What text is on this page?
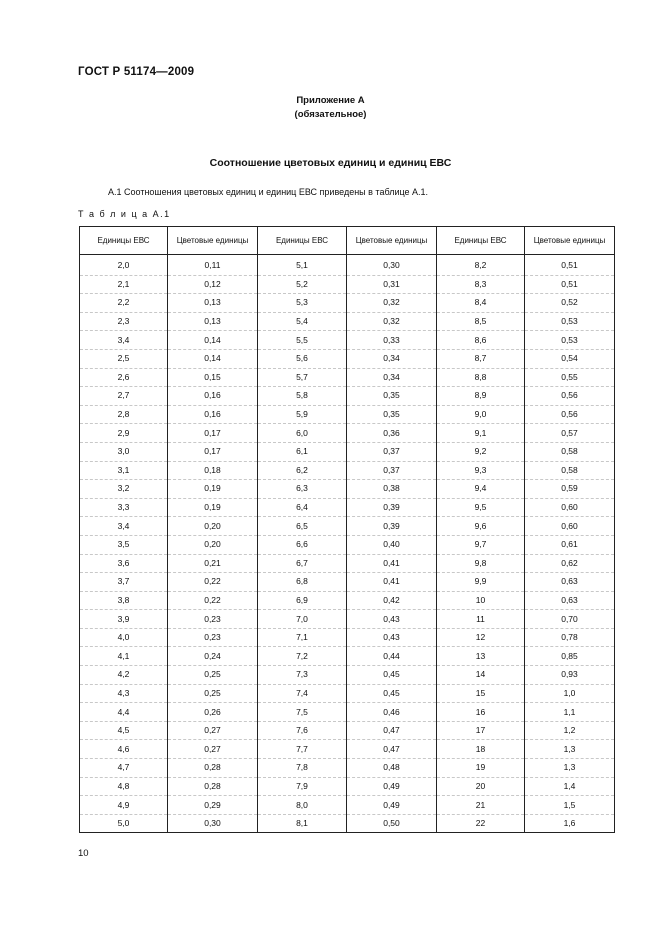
ГОСТ Р 51174—2009
Приложение А
(обязательное)
Соотношение цветовых единиц и единиц ЕВС
А.1 Соотношения цветовых единиц и единиц ЕВС приведены в таблице А.1.
Т а б л и ц а А.1
Единицы ЕВС	Цветовые единицы	Единицы ЕВС	Цветовые единицы	Единицы ЕВС	Цветовые единицы

2,0	0,11	5,1	0,30	8,2	0,51
2,1	0,12	5,2	0,31	8,3	0,51
2,2	0,13	5,3	0,32	8,4	0,52
2,3	0,13	5,4	0,32	8,5	0,53
3,4	0,14	5,5	0,33	8,6	0,53
2,5	0,14	5,6	0,34	8,7	0,54
2,6	0,15	5,7	0,34	8,8	0,55
2,7	0,16	5,8	0,35	8,9	0,56
2,8	0,16	5,9	0,35	9,0	0,56
2,9	0,17	6,0	0,36	9,1	0,57
3,0	0,17	6,1	0,37	9,2	0,58
3,1	0,18	6,2	0,37	9,3	0,58
3,2	0,19	6,3	0,38	9,4	0,59
3,3	0,19	6,4	0,39	9,5	0,60
3,4	0,20	6,5	0,39	9,6	0,60
3,5	0,20	6,6	0,40	9,7	0,61
3,6	0,21	6,7	0,41	9,8	0,62
3,7	0,22	6,8	0,41	9,9	0,63
3,8	0,22	6,9	0,42	10	0,63
3,9	0,23	7,0	0,43	11	0,70
4,0	0,23	7,1	0,43	12	0,78
4,1	0,24	7,2	0,44	13	0,85
4,2	0,25	7,3	0,45	14	0,93
4,3	0,25	7,4	0,45	15	1,0
4,4	0,26	7,5	0,46	16	1,1
4,5	0,27	7,6	0,47	17	1,2
4,6	0,27	7,7	0,47	18	1,3
4,7	0,28	7,8	0,48	19	1,3
4,8	0,28	7,9	0,49	20	1,4
4,9	0,29	8,0	0,49	21	1,5
5,0	0,30	8,1	0,50	22	1,6
10
